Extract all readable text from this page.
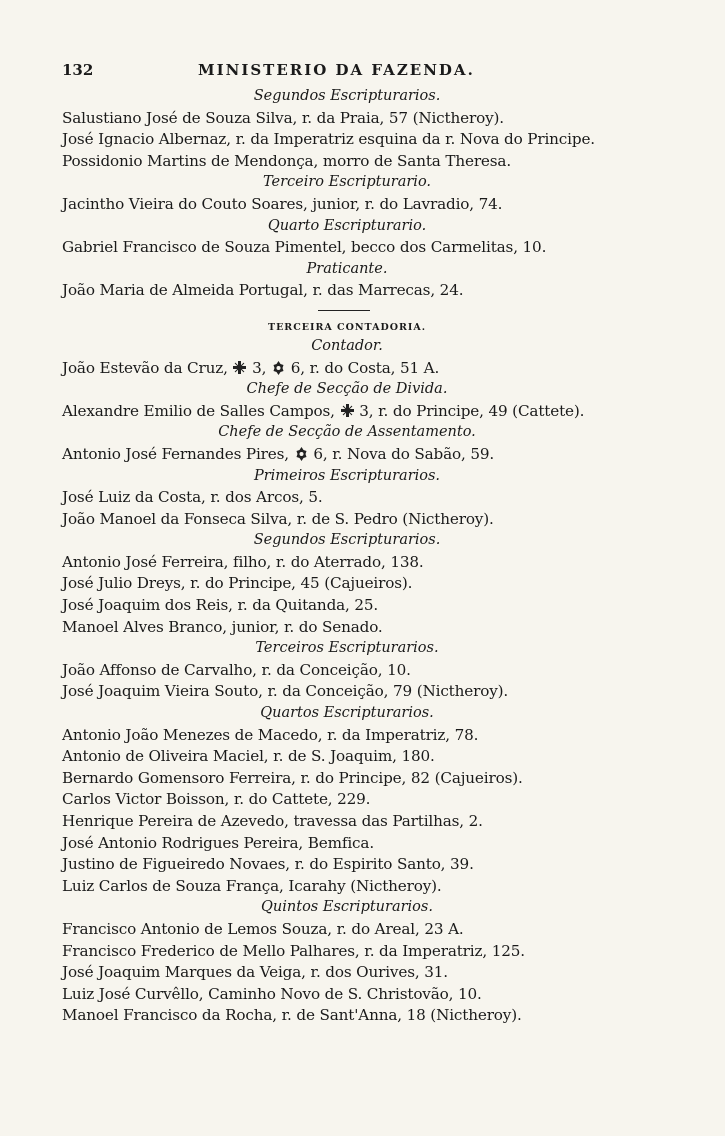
132	MINISTERIO DA FAZENDA.
Segundos Escripturarios.
Salustiano José de Souza Silva, r. da Praia, 57 (Nictheroy).
José Ignacio Albernaz, r. da Imperatriz esquina da r. Nova do Principe.
Possidonio Martins de Mendonça, morro de Santa Theresa.
Terceiro Escripturario.
Jacintho Vieira do Couto Soares, junior, r. do Lavradio, 74.
Quarto Escripturario.
Gabriel Francisco de Souza Pimentel, becco dos Carmelitas, 10.
Praticante.
João Maria de Almeida Portugal, r. das Marrecas, 24.
TERCEIRA CONTADORIA.
Contador.
João Estevão da Cruz, 3, 6, r. do Costa, 51 A.
Chefe de Secção de Divida.
Alexandre Emilio de Salles Campos, 3, r. do Principe, 49 (Cattete).
Chefe de Secção de Assentamento.
Antonio José Fernandes Pires, 6, r. Nova do Sabão, 59.
Primeiros Escripturarios.
José Luiz da Costa, r. dos Arcos, 5.
João Manoel da Fonseca Silva, r. de S. Pedro (Nictheroy).
Segundos Escripturarios.
Antonio José Ferreira, filho, r. do Aterrado, 138.
José Julio Dreys, r. do Principe, 45 (Cajueiros).
José Joaquim dos Reis, r. da Quitanda, 25.
Manoel Alves Branco, junior, r. do Senado.
Terceiros Escripturarios.
João Affonso de Carvalho, r. da Conceição, 10.
José Joaquim Vieira Souto, r. da Conceição, 79 (Nictheroy).
Quartos Escripturarios.
Antonio João Menezes de Macedo, r. da Imperatriz, 78.
Antonio de Oliveira Maciel, r. de S. Joaquim, 180.
Bernardo Gomensoro Ferreira, r. do Principe, 82 (Cajueiros).
Carlos Victor Boisson, r. do Cattete, 229.
Henrique Pereira de Azevedo, travessa das Partilhas, 2.
José Antonio Rodrigues Pereira, Bemfica.
Justino de Figueiredo Novaes, r. do Espirito Santo, 39.
Luiz Carlos de Souza França, Icarahy (Nictheroy).
Quintos Escripturarios.
Francisco Antonio de Lemos Souza, r. do Areal, 23 A.
Francisco Frederico de Mello Palhares, r. da Imperatriz, 125.
José Joaquim Marques da Veiga, r. dos Ourives, 31.
Luiz José Curvêllo, Caminho Novo de S. Christovão, 10.
Manoel Francisco da Rocha, r. de Sant'Anna, 18 (Nictheroy).
